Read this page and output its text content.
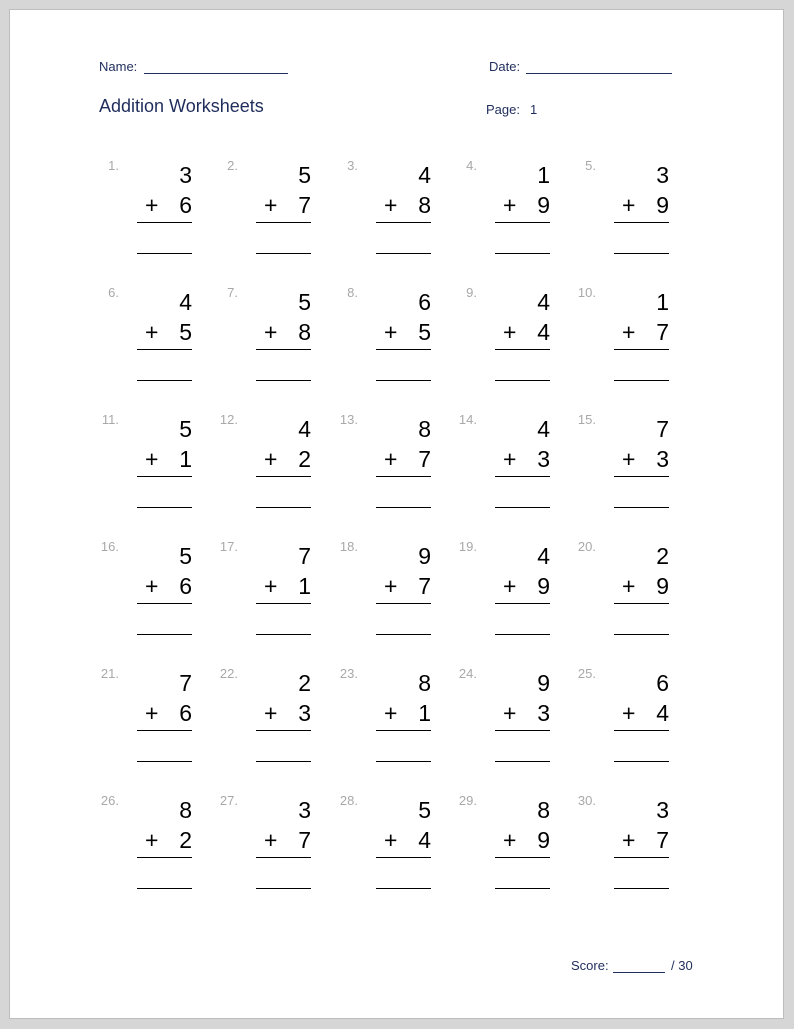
Name:	Date:
Addition Worksheets	Page: 1
1.	3
+ 6
2.	5
+ 7
3.	4
+ 8
4.	1
+ 9
5.	3
+ 9
6.	4
+ 5
7.	5
+ 8
8.	6
+ 5
9.	4
+ 4
10.	1
+ 7
11.	5
+ 1
12.	4
+ 2
13.	8
+ 7
14.	4
+ 3
15.	7
+ 3
16.	5
+ 6
17.	7
+ 1
18.	9
+ 7
19.	4
+ 9
20.	2
+ 9
21.	7
+ 6
22.	2
+ 3
23.	8
+ 1
24.	9
+ 3
25.	6
+ 4
26.	8
+ 2
27.	3
+ 7
28.	5
+ 4
29.	8
+ 9
30.	3
+ 7
Score:	/ 30
